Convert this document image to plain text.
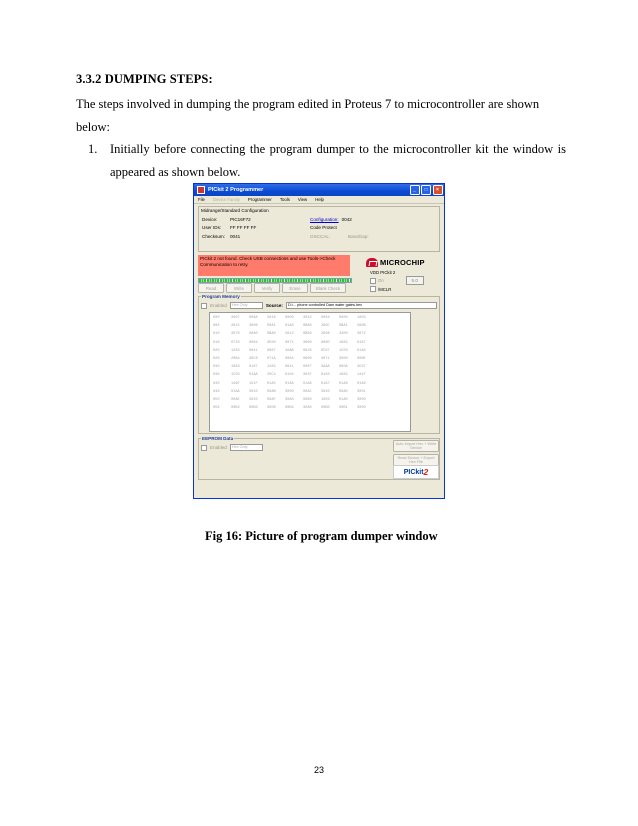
3.3.2 DUMPING STEPS:
The steps involved in dumping the program edited in Proteus 7 to microcontroller are shown
below:
1. Initially before connecting the program dumper to the microcontroller kit the window is
appeared as shown below.
PICkit 2 Programmer	_	□	×
File Device Family Programmer Tools View Help
Midrange/Standard Configuration
Device:	PIC16F72	Configuration: 0042
User IDs:	FF FF FF FF	Code Protect
Checksum:	0041	OSCCAL:	BandGap:
PICkit 2 not found. Check USB connections and use Tools->Check Communication to retry.	MICROCHIP
VDD PICkit 2
On	5.0
/MCLR
Read	Write	Verify	Erase	Blank Check
Program Memory
Enabled	Hex Only	Source:	D:\... phone controlled Dam water gates.hex
000	3007	008A	2818	0000	3042	0084	0000	1003
008	2815	3006	00A1	01A0	0BA0	280C	0BA1	280B
010	3070	00A0	0BA0	2812	0B89	2808	3400	3072
018	0720	0084	3E00	0071	3000	008D	1683	0187
020	1283	0841	0087	3AAB	0826	0C87	1C03	01A0
028	20B4	30C8	071A	0084	0800	0071	3000	008E
030	1683	0187	1283	0841	0087	3AAA	080A	3C07
038	1C03	01AA	20C4	0104	301F	0183	1683	141F
040	149F	151F	01A5	01A6	01A6	01A7	01A8	01A9
048	01AA	3010	00AB	3000	00AC	3040	00AD	3001
050	00AE	3020	00AF	30A0	0080	1003	01A0	3000
058	00B2	00B3	3008	00B4	30A0	00B0	00B1	3000
EEPROM Data
Enabled	Hex Only
Auto Import Hex + Write Device
Read Device + Export Hex File
PICkit 2
Fig 16: Picture of program dumper window
23
